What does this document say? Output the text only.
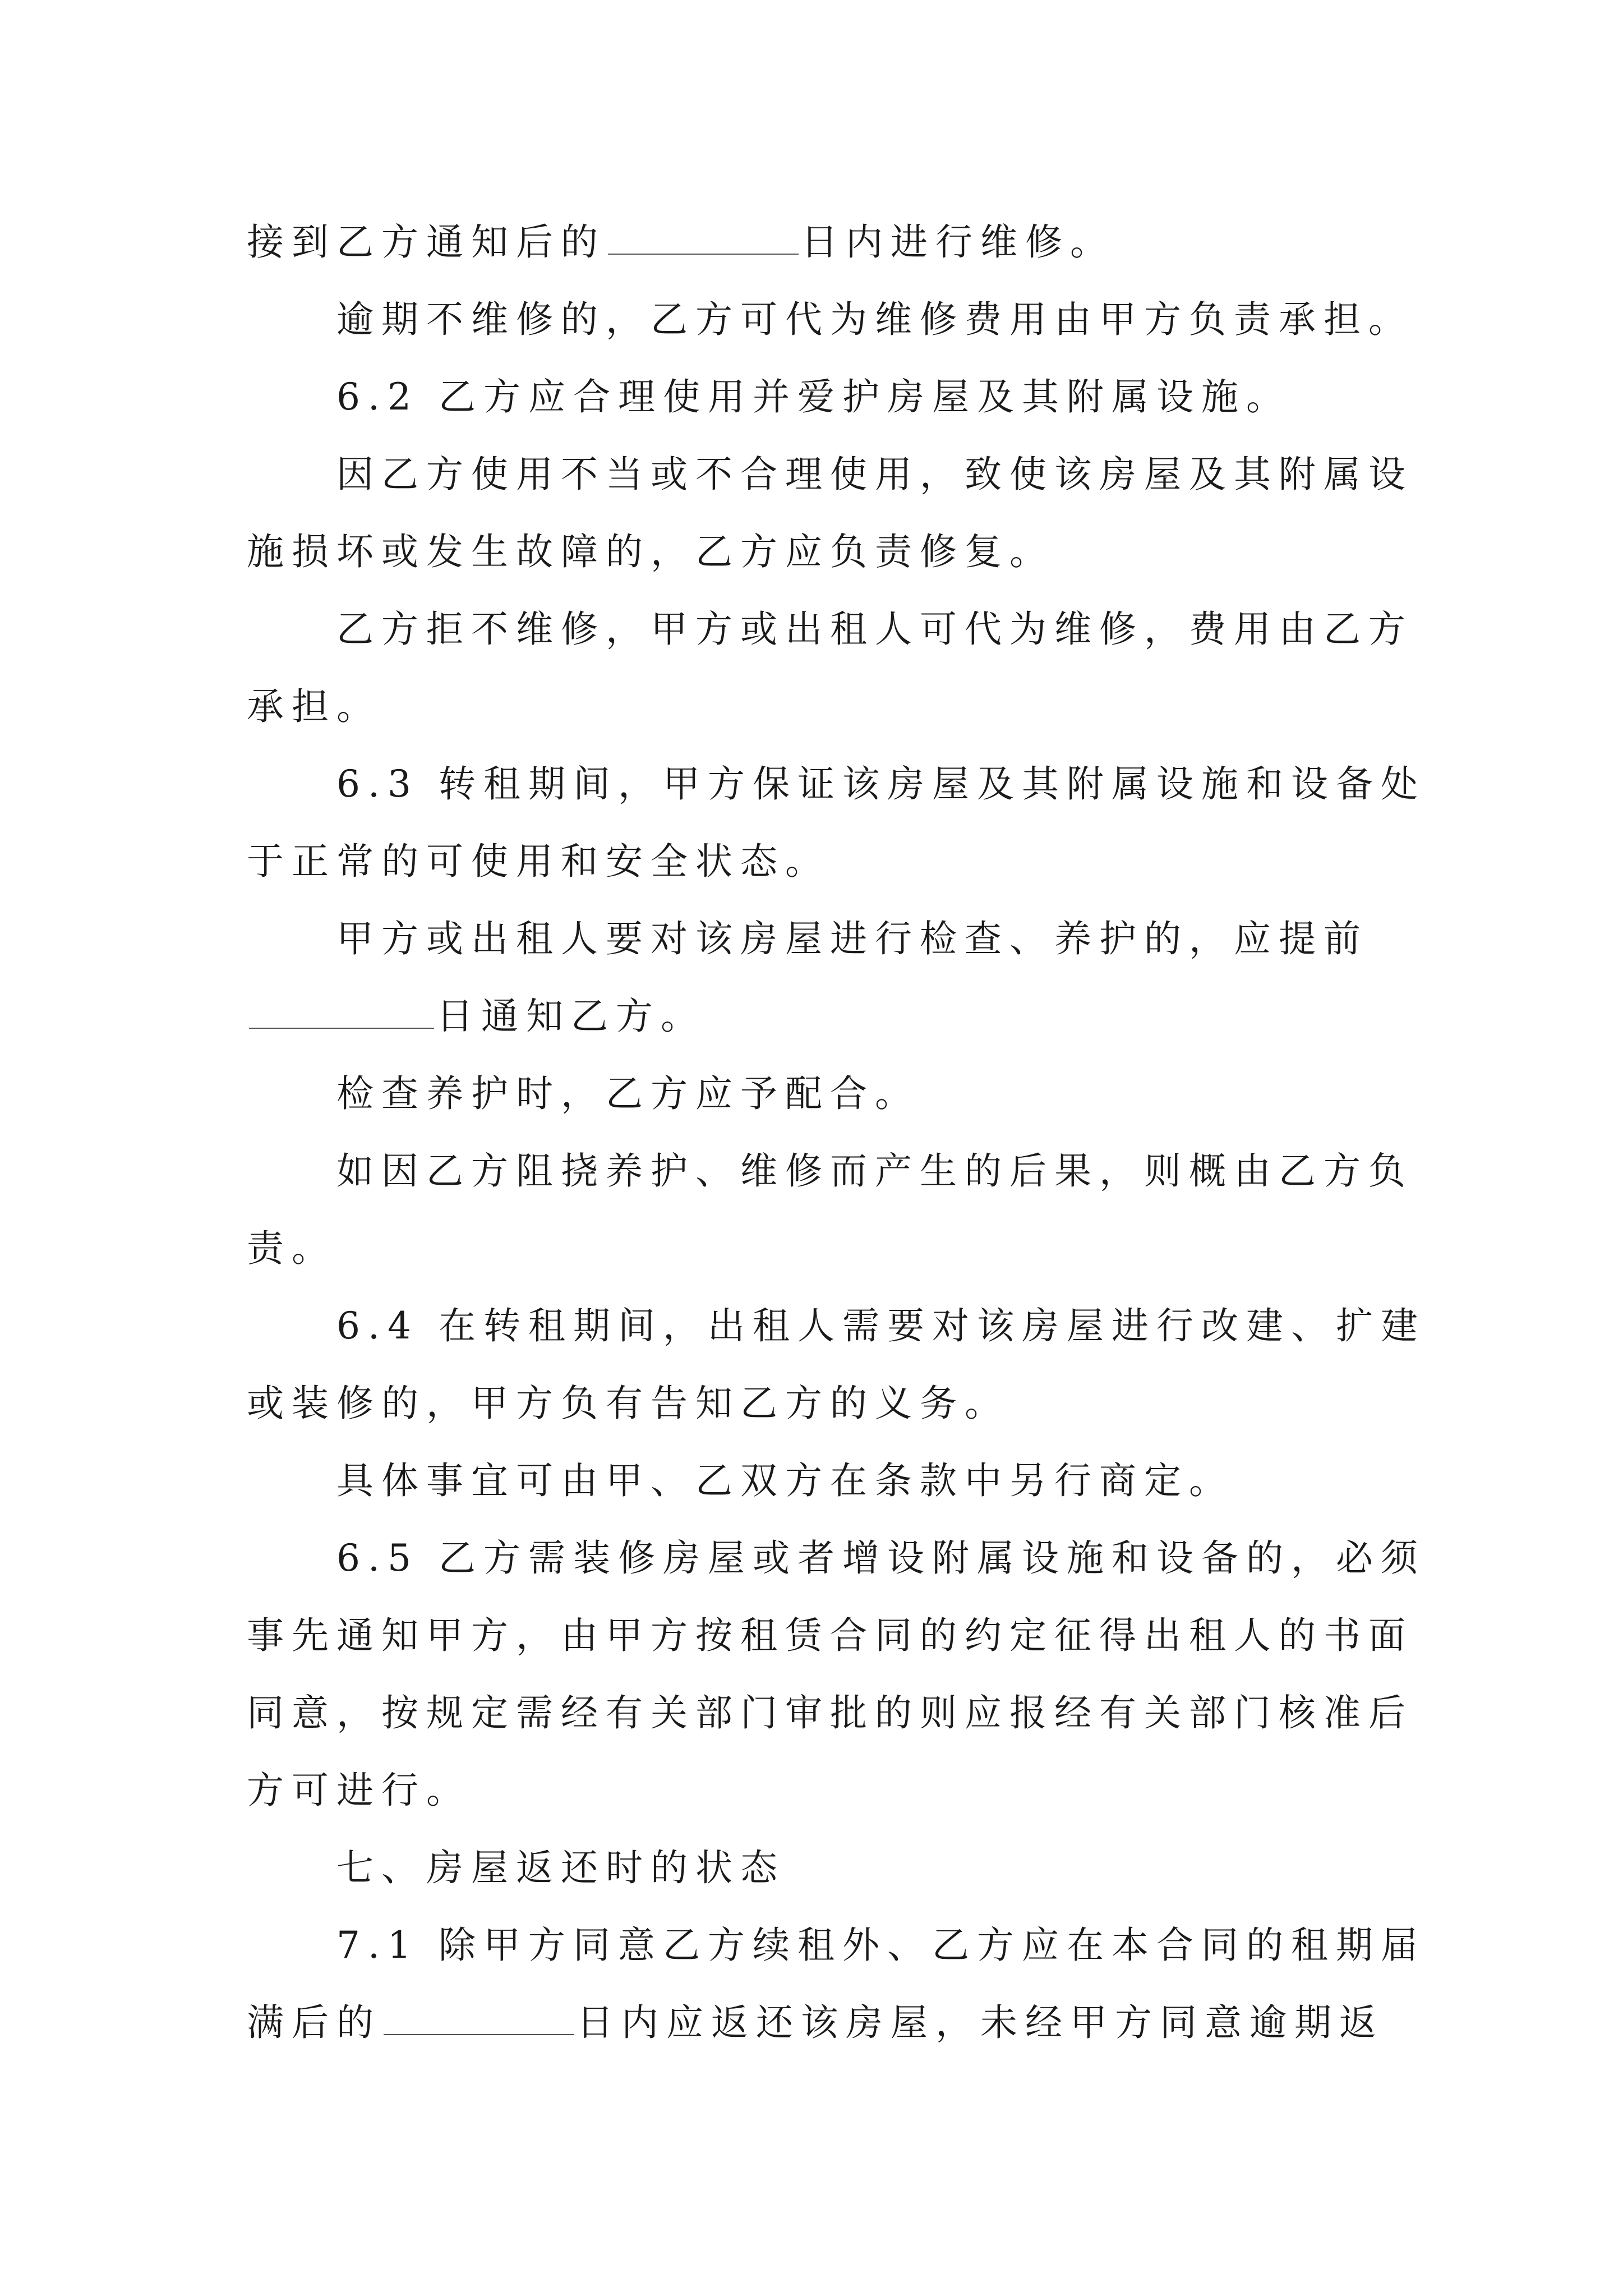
接到乙方通知后的	日内进行维修。
逾期不维修的，乙方可代为维修费用由甲方负责承担。
6.2 乙方应合理使用并爱护房屋及其附属设施。
因乙方使用不当或不合理使用，致使该房屋及其附属设
施损坏或发生故障的，乙方应负责修复。
乙方拒不维修，甲方或出租人可代为维修，费用由乙方
承担。
6.3 转租期间，甲方保证该房屋及其附属设施和设备处
于正常的可使用和安全状态。
甲方或出租人要对该房屋进行检查、养护的，应提前
日通知乙方。
检查养护时，乙方应予配合。
如因乙方阻挠养护、维修而产生的后果，则概由乙方负
责。
6.4 在转租期间，出租人需要对该房屋进行改建、扩建
或装修的，甲方负有告知乙方的义务。
具体事宜可由甲、乙双方在条款中另行商定。
6.5 乙方需装修房屋或者增设附属设施和设备的，必须
事先通知甲方，由甲方按租赁合同的约定征得出租人的书面
同意，按规定需经有关部门审批的则应报经有关部门核准后
方可进行。
七、房屋返还时的状态
7.1 除甲方同意乙方续租外、乙方应在本合同的租期届
满后的	日内应返还该房屋，未经甲方同意逾期返
